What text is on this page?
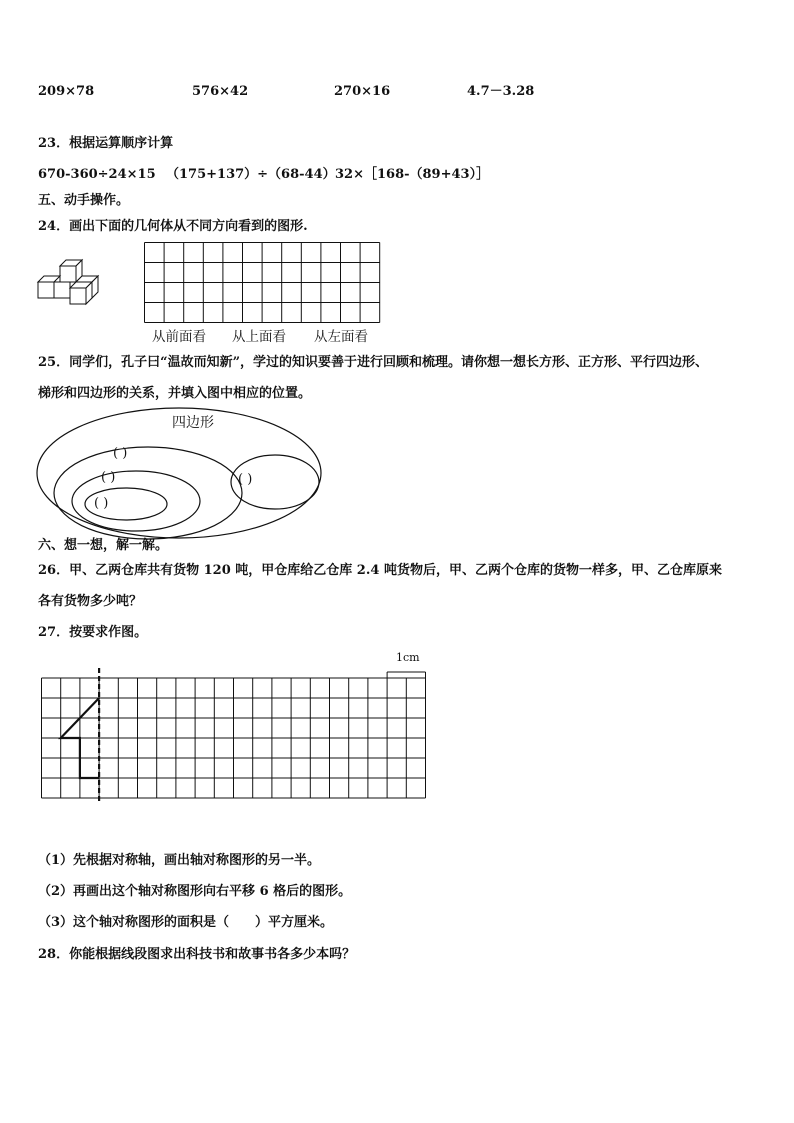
209×78	576×42	270×16	4.7－3.28
23．根据运算顺序计算
670-360÷24×15 （175+137）÷（68-44） 32×［168-（89+43）］
五、动手操作。
24．画出下面的几何体从不同方向看到的图形.
从前面看 从上面看 从左面看
25．同学们，孔子曰“温故而知新”，学过的知识要善于进行回顾和梳理。请你想一想长方形、正方形、平行四边形、
梯形和四边形的关系，并填入图中相应的位置。
四边形
( )
( )
( )
( )
六、想一想，解一解。
26．甲、乙两仓库共有货物 120 吨，甲仓库给乙仓库 2.4 吨货物后，甲、乙两个仓库的货物一样多，甲、乙仓库原来
各有货物多少吨？
27．按要求作图。
1cm
（1）先根据对称轴，画出轴对称图形的另一半。
（2）再画出这个轴对称图形向右平移 6 格后的图形。
（3）这个轴对称图形的面积是（　　）平方厘米。
28．你能根据线段图求出科技书和故事书各多少本吗？
